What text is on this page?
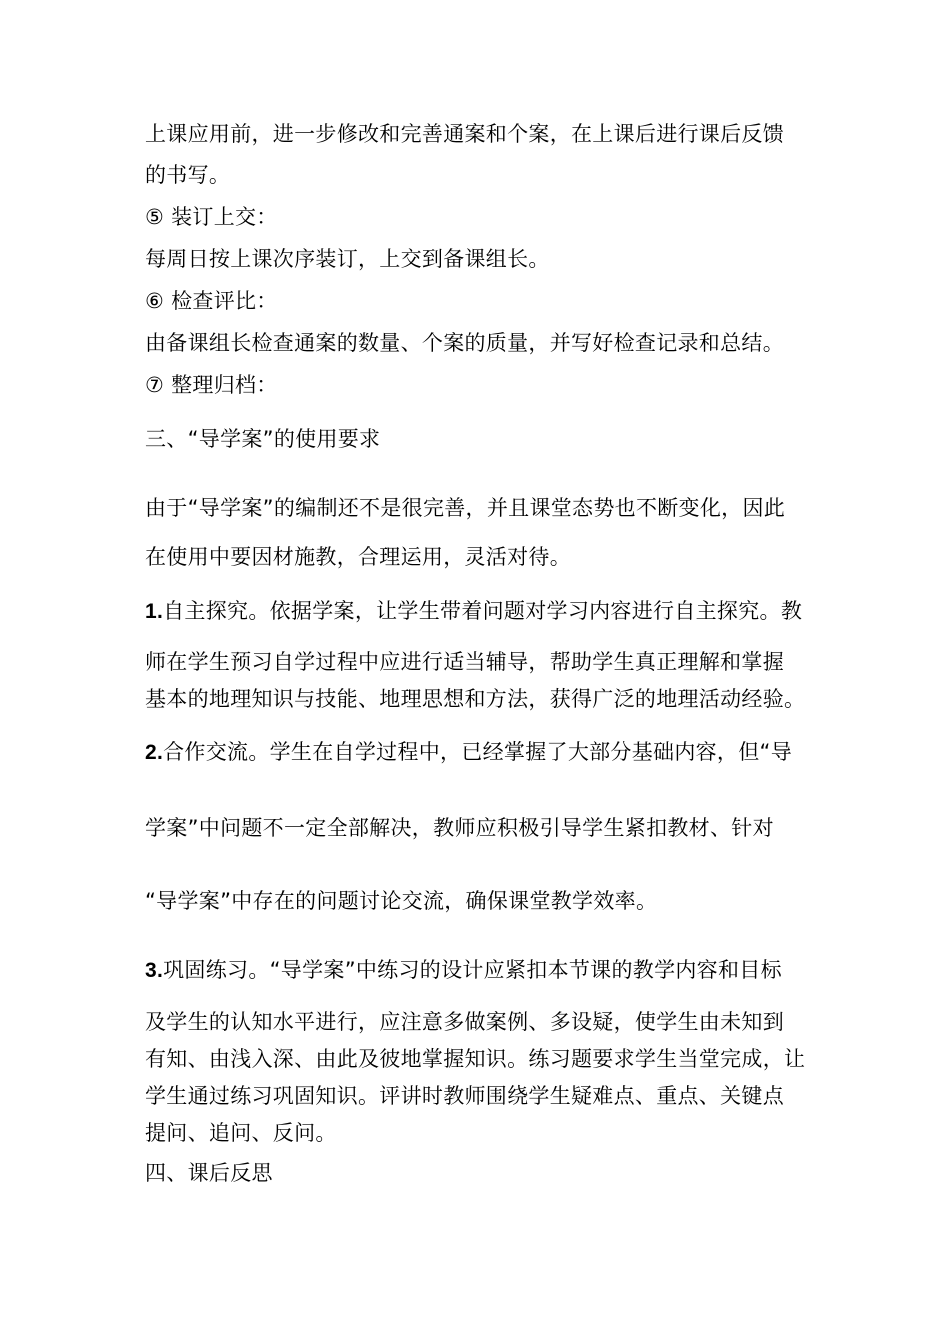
上课应用前，进一步修改和完善通案和个案，在上课后进行课后反馈
的书写。
⑤ 装订上交：
每周日按上课次序装订，上交到备课组长。
⑥ 检查评比：
由备课组长检查通案的数量、个案的质量，并写好检查记录和总结。
⑦ 整理归档：
三、“导学案”的使用要求
由于“导学案”的编制还不是很完善，并且课堂态势也不断变化，因此
在使用中要因材施教，合理运用，灵活对待。
1.自主探究。依据学案，让学生带着问题对学习内容进行自主探究。教
师在学生预习自学过程中应进行适当辅导，帮助学生真正理解和掌握
基本的地理知识与技能、地理思想和方法，获得广泛的地理活动经验。
2.合作交流。学生在自学过程中，已经掌握了大部分基础内容，但“导
学案”中问题不一定全部解决，教师应积极引导学生紧扣教材、针对
“导学案”中存在的问题讨论交流，确保课堂教学效率。
3.巩固练习。“导学案”中练习的设计应紧扣本节课的教学内容和目标
及学生的认知水平进行，应注意多做案例、多设疑，使学生由未知到
有知、由浅入深、由此及彼地掌握知识。练习题要求学生当堂完成，让
学生通过练习巩固知识。评讲时教师围绕学生疑难点、重点、关键点
提问、追问、反问。
四、课后反思
